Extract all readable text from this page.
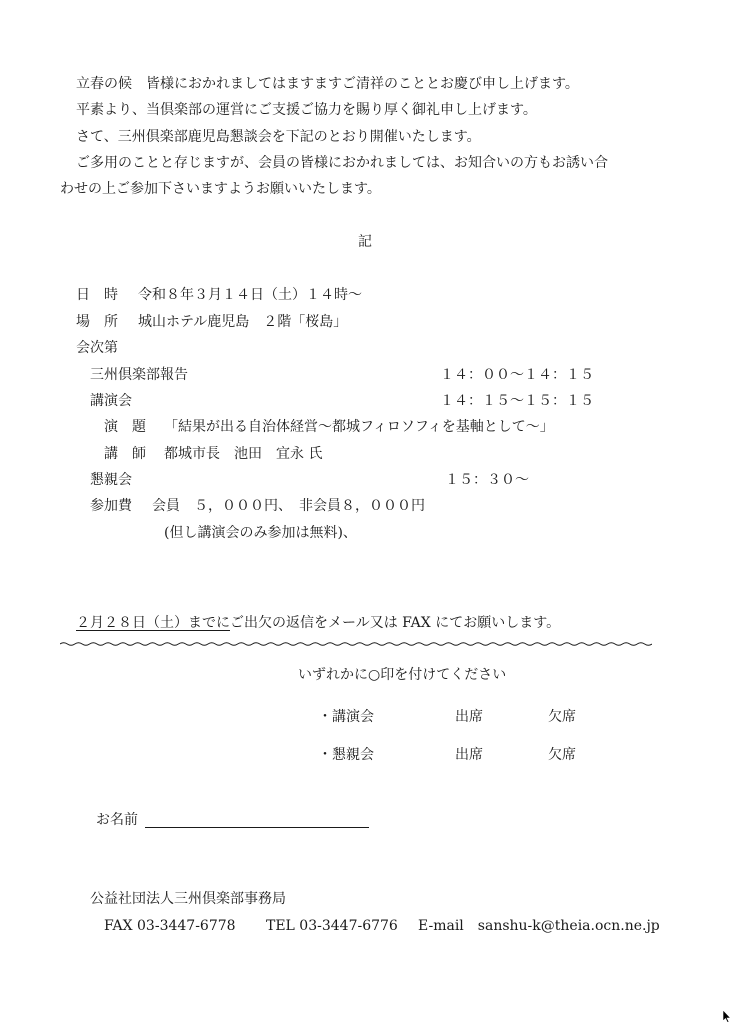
立春の候　皆様におかれましてはますますご清祥のこととお慶び申し上げます。
平素より、当倶楽部の運営にご支援ご協力を賜り厚く御礼申し上げます。
さて、三州倶楽部鹿児島懇談会を下記のとおり開催いたします。
ご多用のことと存じますが、会員の皆様におかれましては、お知合いの方もお誘い合
わせの上ご参加下さいますようお願いいたします。
記
日　時 令和８年３月１４日（土）１４時～
場　所 城山ホテル鹿児島　２階「桜島」
会次第
三州倶楽部報告	１４：００～１４：１５
講演会	１４：１５～１５：１５
演　題 「結果が出る自治体経営～都城フィロソフィを基軸として～」
講　師 都城市長　池田　宜永 氏
懇親会	１５：３０～
参加費 会員　５，０００円、　非会員８，０００円
(但し講演会のみ参加は無料)、
２月２８日（土）までにご出欠の返信をメール又は FAX にてお願いします。
いずれかに○印を付けてください
・講演会	出席	欠席
・懇親会	出席	欠席
お名前
公益社団法人三州倶楽部事務局
FAX 03-3447-6778 TEL 03-3447-6776 E-mail　sanshu-k@theia.ocn.ne.jp
